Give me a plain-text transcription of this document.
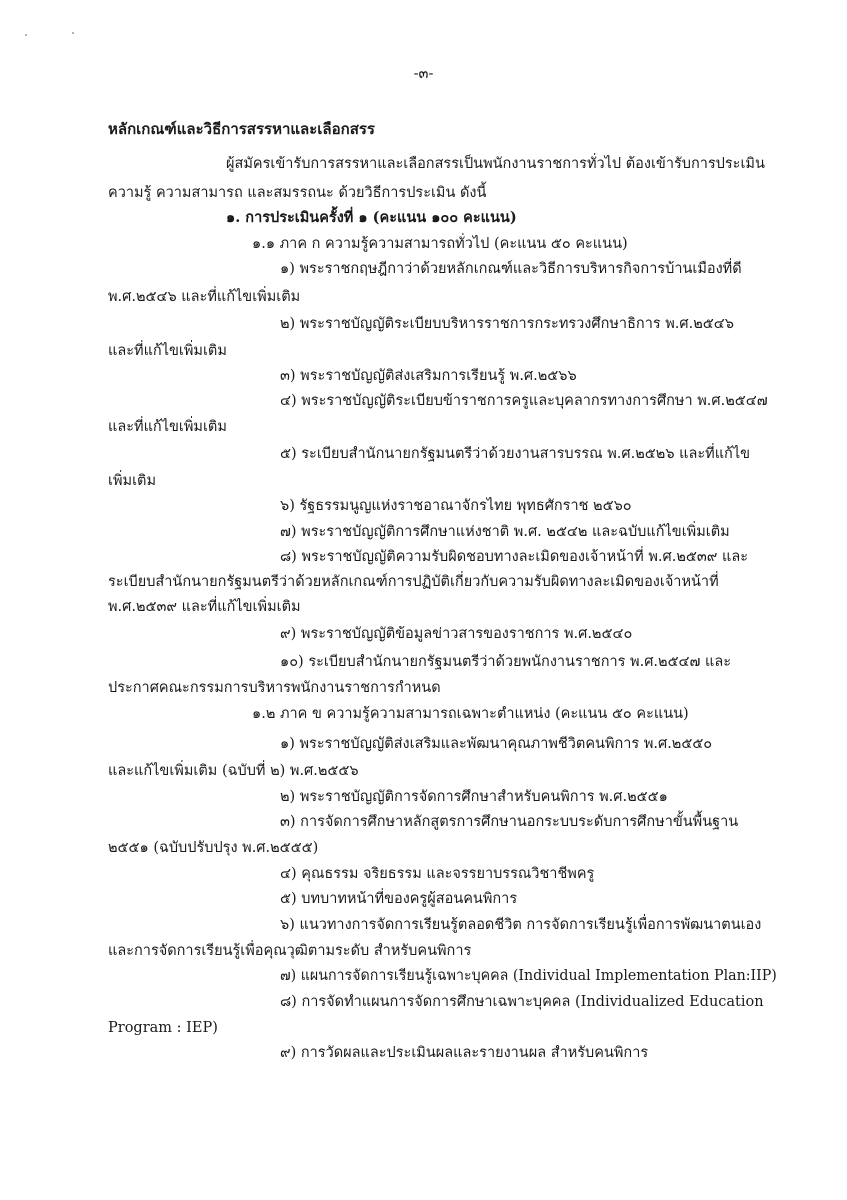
-๓-
หลักเกณฑ์และวิธีการสรรหาและเลือกสรร
ผู้สมัครเข้ารับการสรรหาและเลือกสรรเป็นพนักงานราชการทั่วไป ต้องเข้ารับการประเมิน
ความรู้ ความสามารถ และสมรรถนะ ด้วยวิธีการประเมิน ดังนี้
๑. การประเมินครั้งที่ ๑ (คะแนน ๑๐๐ คะแนน)
๑.๑ ภาค ก ความรู้ความสามารถทั่วไป (คะแนน ๕๐ คะแนน)
๑) พระราชกฤษฎีกาว่าด้วยหลักเกณฑ์และวิธีการบริหารกิจการบ้านเมืองที่ดี
พ.ศ.๒๕๔๖ และที่แก้ไขเพิ่มเติม
๒) พระราชบัญญัติระเบียบบริหารราชการกระทรวงศึกษาธิการ พ.ศ.๒๕๔๖
และที่แก้ไขเพิ่มเติม
๓) พระราชบัญญัติส่งเสริมการเรียนรู้ พ.ศ.๒๕๖๖
๔) พระราชบัญญัติระเบียบข้าราชการครูและบุคลากรทางการศึกษา พ.ศ.๒๕๔๗
และที่แก้ไขเพิ่มเติม
๕) ระเบียบสำนักนายกรัฐมนตรีว่าด้วยงานสารบรรณ พ.ศ.๒๕๒๖ และที่แก้ไข
เพิ่มเติม
๖) รัฐธรรมนูญแห่งราชอาณาจักรไทย พุทธศักราช ๒๕๖๐
๗) พระราชบัญญัติการศึกษาแห่งชาติ พ.ศ. ๒๕๔๒ และฉบับแก้ไขเพิ่มเติม
๘) พระราชบัญญัติความรับผิดชอบทางละเมิดของเจ้าหน้าที่ พ.ศ.๒๕๓๙ และ
ระเบียบสำนักนายกรัฐมนตรีว่าด้วยหลักเกณฑ์การปฏิบัติเกี่ยวกับความรับผิดทางละเมิดของเจ้าหน้าที่
พ.ศ.๒๕๓๙ และที่แก้ไขเพิ่มเติม
๙) พระราชบัญญัติข้อมูลข่าวสารของราชการ พ.ศ.๒๕๔๐
๑๐) ระเบียบสำนักนายกรัฐมนตรีว่าด้วยพนักงานราชการ พ.ศ.๒๕๔๗ และ
ประกาศคณะกรรมการบริหารพนักงานราชการกำหนด
๑.๒ ภาค ข ความรู้ความสามารถเฉพาะตำแหน่ง (คะแนน ๕๐ คะแนน)
๑) พระราชบัญญัติส่งเสริมและพัฒนาคุณภาพชีวิตคนพิการ พ.ศ.๒๕๕๐
และแก้ไขเพิ่มเติม (ฉบับที่ ๒) พ.ศ.๒๕๕๖
๒) พระราชบัญญัติการจัดการศึกษาสำหรับคนพิการ พ.ศ.๒๕๕๑
๓) การจัดการศึกษาหลักสูตรการศึกษานอกระบบระดับการศึกษาขั้นพื้นฐาน
๒๕๕๑ (ฉบับปรับปรุง พ.ศ.๒๕๕๕)
๔) คุณธรรม จริยธรรม และจรรยาบรรณวิชาชีพครู
๕) บทบาทหน้าที่ของครูผู้สอนคนพิการ
๖) แนวทางการจัดการเรียนรู้ตลอดชีวิต การจัดการเรียนรู้เพื่อการพัฒนาตนเอง
และการจัดการเรียนรู้เพื่อคุณวุฒิตามระดับ สำหรับคนพิการ
๗) แผนการจัดการเรียนรู้เฉพาะบุคคล (Individual Implementation Plan:IIP)
๘) การจัดทำแผนการจัดการศึกษาเฉพาะบุคคล (Individualized Education
Program : IEP)
๙) การวัดผลและประเมินผลและรายงานผล สำหรับคนพิการ
